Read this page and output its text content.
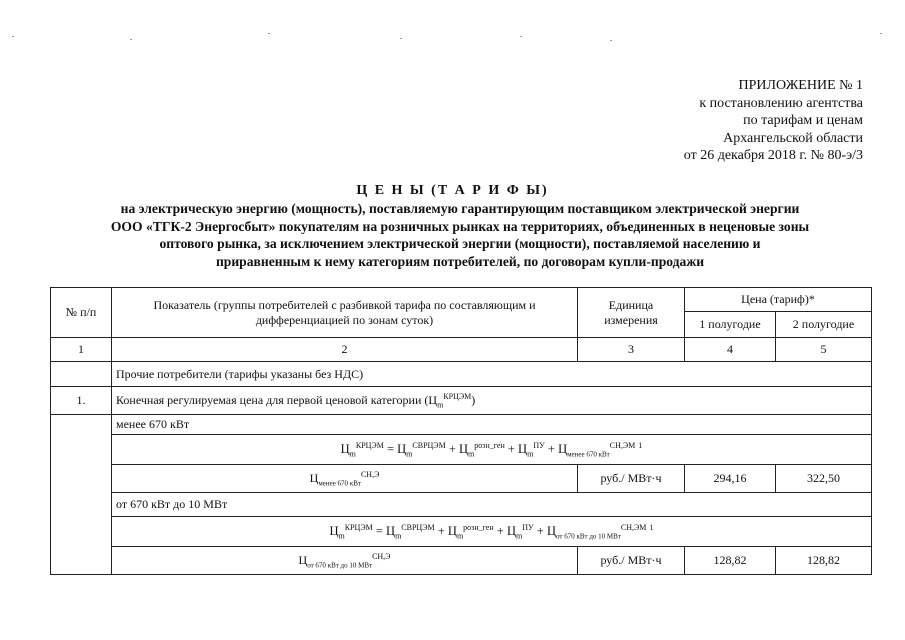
ПРИЛОЖЕНИЕ № 1
к постановлению агентства
по тарифам и ценам
Архангельской области
от 26 декабря 2018 г. № 80-э/3
Ц Е Н Ы (Т А Р И Ф Ы)
на электрическую энергию (мощность), поставляемую гарантирующим поставщиком электрической энергии
ООО «ТГК-2 Энергосбыт» покупателям на розничных рынках на территориях, объединенных в неценовые зоны
оптового рынка, за исключением электрической энергии (мощности), поставляемой населению и
приравненным к нему категориям потребителей, по договорам купли-продажи
№ п/п	Показатель (группы потребителей с разбивкой тарифа по составляющим и дифференциацией по зонам суток)	Единица измерения	Цена (тариф)*	
			1 полугодие	2 полугодие
1	2	3	4	5
	Прочие потребители (тарифы указаны без НДС)			
1.	Конечная регулируемая цена для первой ценовой категории $(Ц_m^{КРЦЭМ})$			
	менее 670 кВт			
	$Ц_m^{КРЦЭМ} = Ц_m^{СВРЦЭМ} + Ц_m^{розн\_ген} + Ц_m^{ПУ} + Ц_{менее 670 кВт}^{СН,ЭМ}$ $^1$
	$Ц_{менее 670 кВт}^{СН,Э}$	руб./ МВт·ч	294,16	322,50
	от 670 кВт до 10 МВт			
	$Ц_m^{КРЦЭМ} = Ц_m^{СВРЦЭМ} + Ц_m^{розн\_ген} + Ц_m^{ПУ} + Ц_{от 670 кВт до 10 МВт}^{СН,ЭМ}$ $^1$
	$Ц_{от 670 кВт до 10 МВт}^{СН,Э}$	руб./ МВт·ч	128,82	128,82
